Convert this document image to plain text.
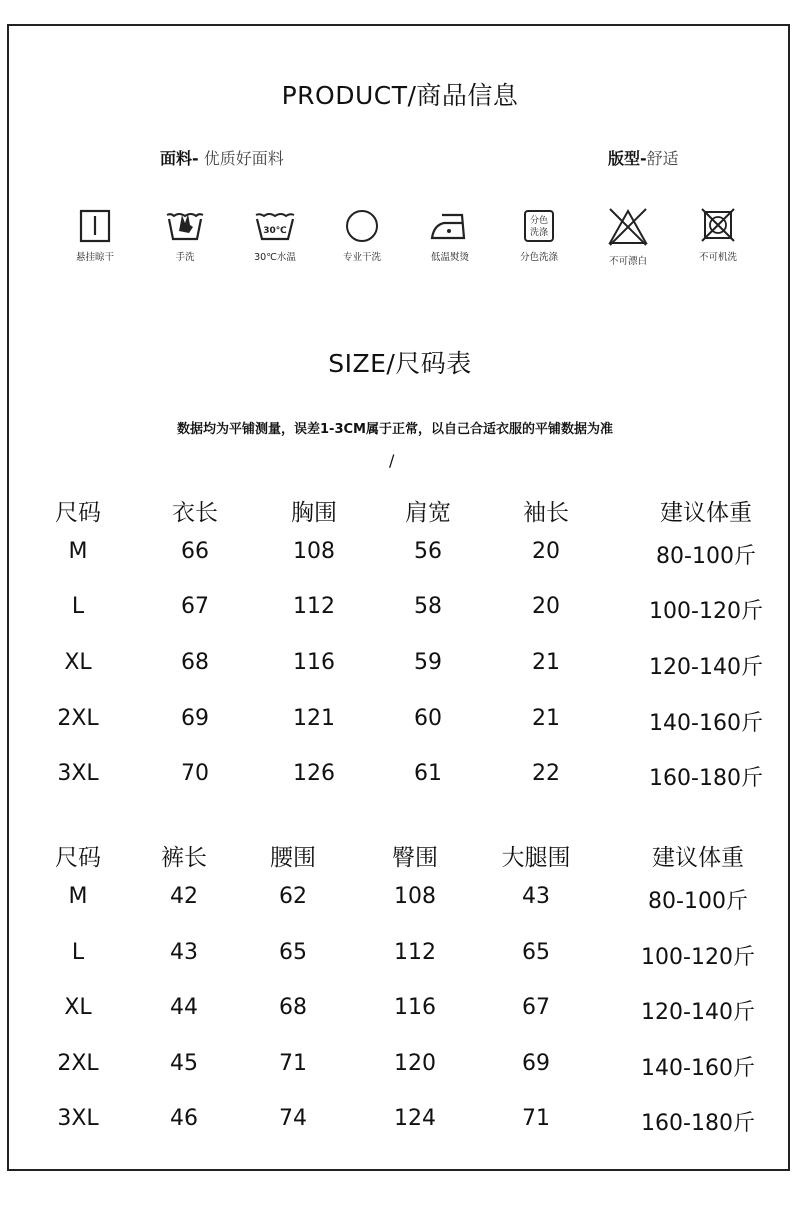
PRODUCT/商品信息
面料- 优质好面料	版型-舒适
悬挂晾干	手洗
30℃
30℃水温	专业干洗	低温熨烫
分色
洗涤
分色洗涤	不可漂白	不可机洗
SIZE/尺码表
数据均为平铺测量，误差1-3CM属于正常，以自己合适衣服的平铺数据为准
/
尺码	衣长	胸围	肩宽	袖长	建议体重
M	66	108	56	20	80-100斤
L	67	112	58	20	100-120斤
XL	68	116	59	21	120-140斤
2XL	69	121	60	21	140-160斤
3XL	70	126	61	22	160-180斤
尺码	裤长	腰围	臀围	大腿围	建议体重
M	42	62	108	43	80-100斤
L	43	65	112	65	100-120斤
XL	44	68	116	67	120-140斤
2XL	45	71	120	69	140-160斤
3XL	46	74	124	71	160-180斤
